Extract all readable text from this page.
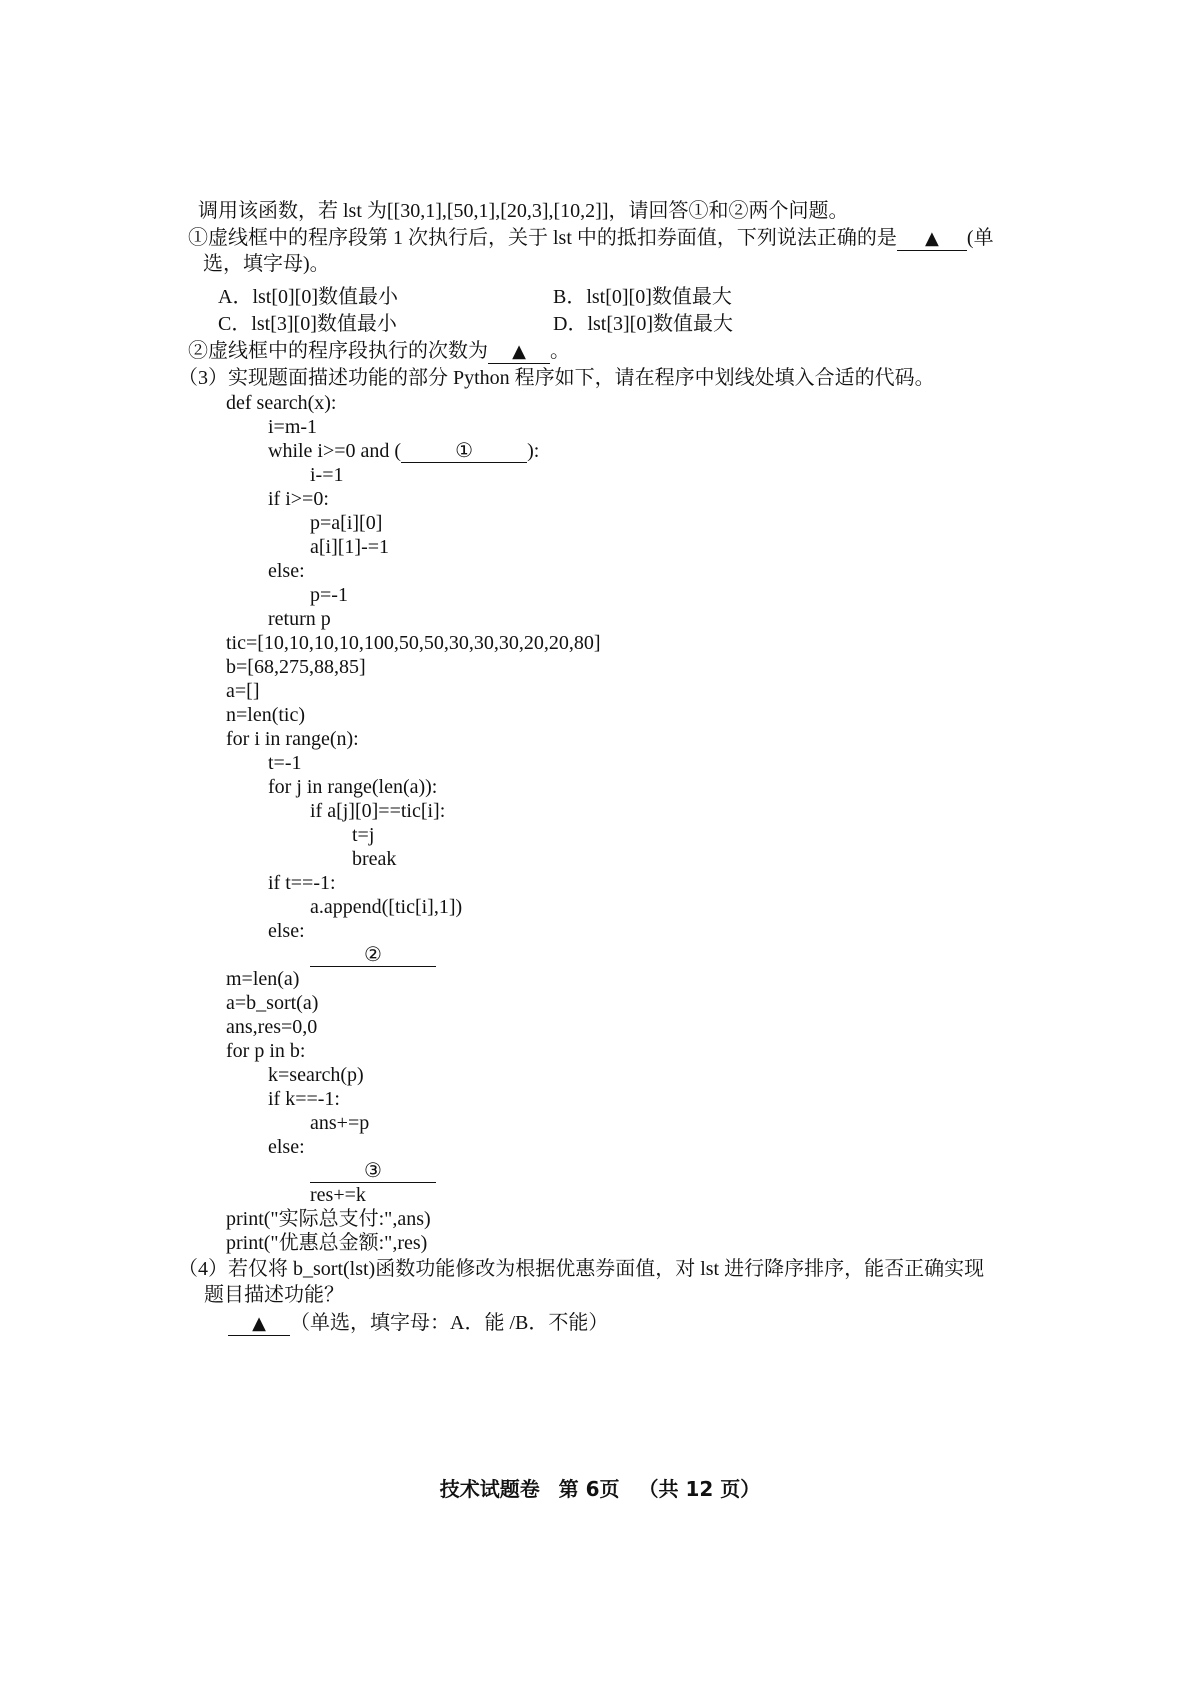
调用该函数，若 lst 为[[30,1],[50,1],[20,3],[10,2]]，请回答①和②两个问题。
①虚线框中的程序段第 1 次执行后，关于 lst 中的抵扣券面值，下列说法正确的是 ▲ (单
选，填字母)。
A．lst[0][0]数值最小	B．lst[0][0]数值最大
C．lst[3][0]数值最小	D．lst[3][0]数值最大
②虚线框中的程序段执行的次数为 ▲ 。
（3）实现题面描述功能的部分 Python 程序如下，请在程序中划线处填入合适的代码。
def search(x):
i=m-1
while i>=0 and (	①	):
i-=1
if i>=0:
p=a[i][0]
a[i][1]-=1
else:
p=-1
return p
tic=[10,10,10,10,100,50,50,30,30,30,20,20,80]
b=[68,275,88,85]
a=[]
n=len(tic)
for i in range(n):
t=-1
for j in range(len(a)):
if a[j][0]==tic[i]:
t=j
break
if t==-1:
a.append([tic[i],1])
else:
②
m=len(a)
a=b_sort(a)
ans,res=0,0
for p in b:
k=search(p)
if k==-1:
ans+=p
else:
③
res+=k
print("实际总支付:",ans)
print("优惠总金额:",res)
（4）若仅将 b_sort(lst)函数功能修改为根据优惠券面值，对 lst 进行降序排序，能否正确实现
题目描述功能？
▲ （单选，填字母：A．能 /B．不能）
技术试题卷 第 6页 （共 12 页）
